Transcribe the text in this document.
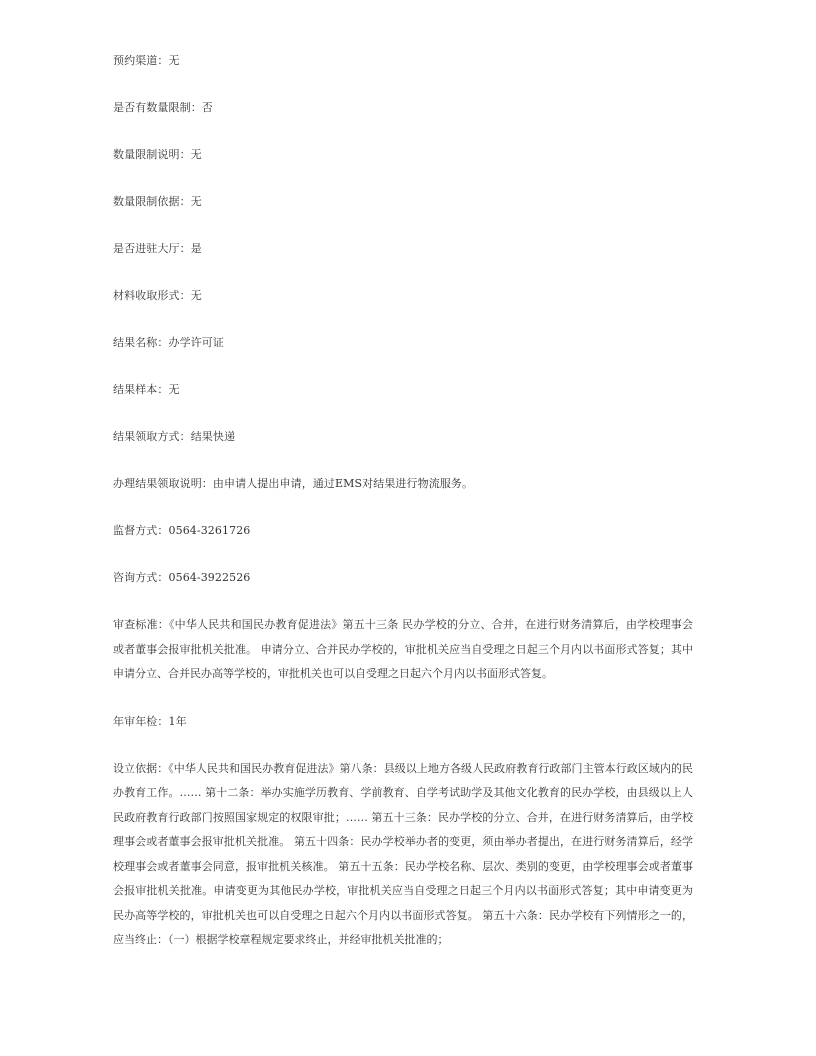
预约渠道：无

是否有数量限制：否

数量限制说明：无

数量限制依据：无

是否进驻大厅：是

材料收取形式：无

结果名称：办学许可证

结果样本：无

结果领取方式：结果快递

办理结果领取说明：由申请人提出申请，通过EMS对结果进行物流服务。

监督方式：0564-3261726

咨询方式：0564-3922526

审查标准：《中华人民共和国民办教育促进法》第五十三条 民办学校的分立、合并，在进行财务清算后，由学校理事会或者董事会报审批机关批准。 申请分立、合并民办学校的，审批机关应当自受理之日起三个月内以书面形式答复；其中申请分立、合并民办高等学校的，审批机关也可以自受理之日起六个月内以书面形式答复。

年审年检：1年

设立依据：《中华人民共和国民办教育促进法》第八条：县级以上地方各级人民政府教育行政部门主管本行政区域内的民办教育工作。…… 第十二条：举办实施学历教育、学前教育、自学考试助学及其他文化教育的民办学校，由县级以上人民政府教育行政部门按照国家规定的权限审批；…… 第五十三条：民办学校的分立、合并，在进行财务清算后，由学校理事会或者董事会报审批机关批准。 第五十四条：民办学校举办者的变更，须由举办者提出，在进行财务清算后，经学校理事会或者董事会同意，报审批机关核准。 第五十五条：民办学校名称、层次、类别的变更，由学校理事会或者董事会报审批机关批准。申请变更为其他民办学校，审批机关应当自受理之日起三个月内以书面形式答复；其中申请变更为民办高等学校的，审批机关也可以自受理之日起六个月内以书面形式答复。 第五十六条：民办学校有下列情形之一的，应当终止：（一）根据学校章程规定要求终止，并经审批机关批准的；
